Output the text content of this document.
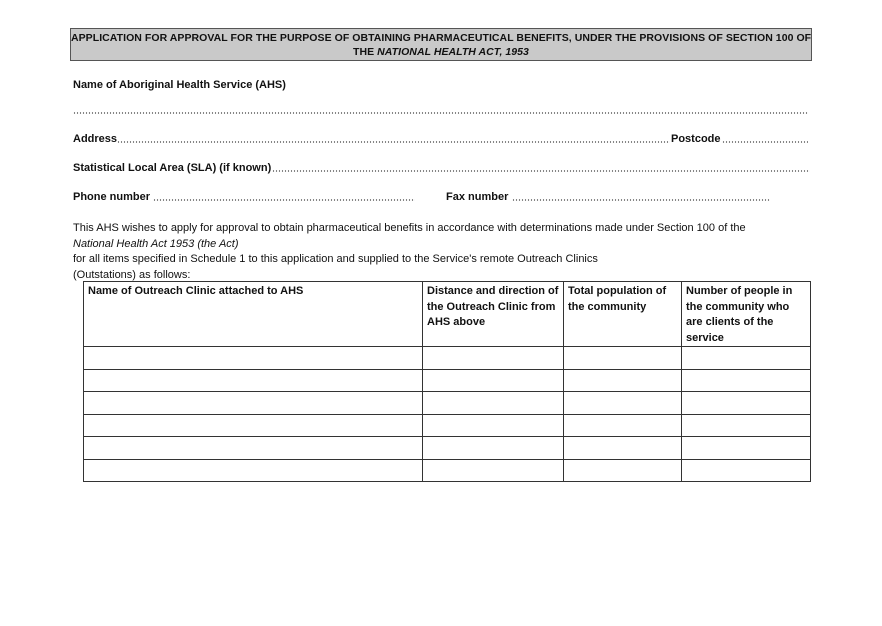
APPLICATION FOR APPROVAL FOR THE PURPOSE OF OBTAINING PHARMACEUTICAL BENEFITS, UNDER THE PROVISIONS OF SECTION 100 OF
THE NATIONAL HEALTH ACT, 1953
Name of Aboriginal Health Service (AHS)
Address	Postcode
Statistical Local Area (SLA) (if known)
Phone number	Fax number
This AHS wishes to apply for approval to obtain pharmaceutical benefits in accordance with determinations made under Section 100 of the
National Health Act 1953 (the Act)
for all items specified in Schedule 1 to this application and supplied to the Service's remote Outreach Clinics
(Outstations) as follows:
Name of Outreach Clinic attached to AHS	Distance and direction of the Outreach Clinic from AHS above	Total population of the community	Number of people in the community who are clients of the service
